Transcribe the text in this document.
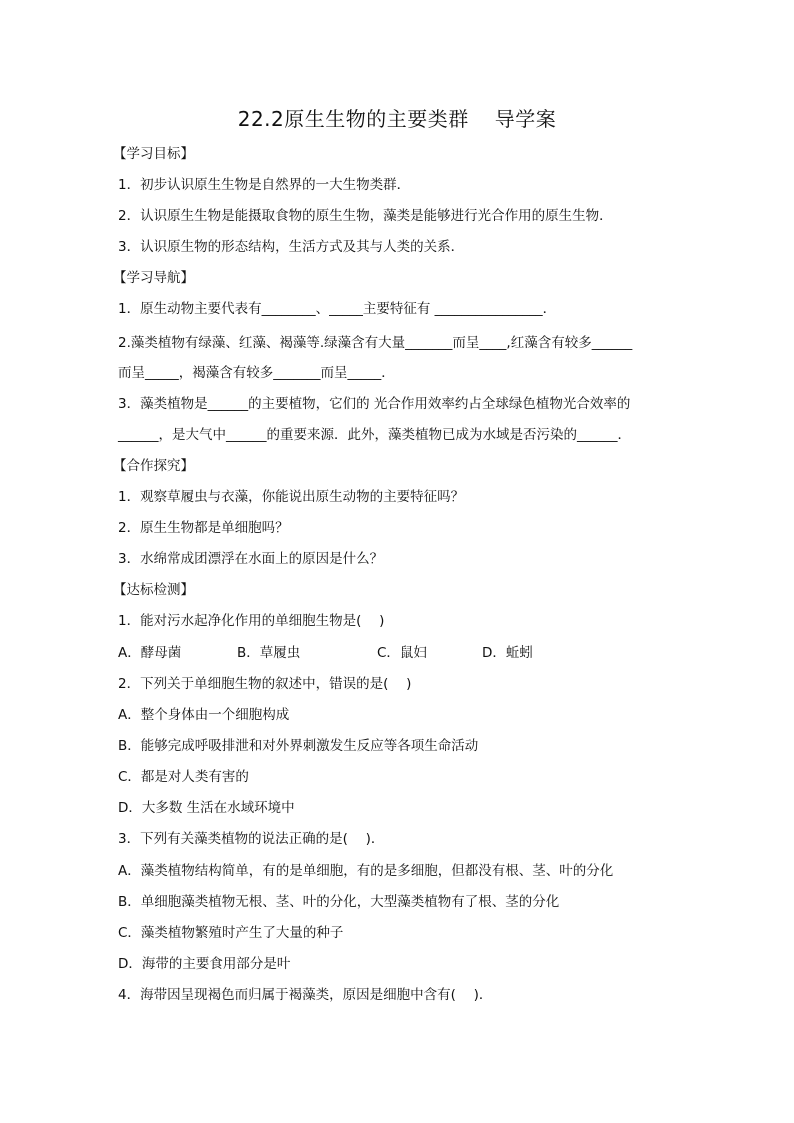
22.2原生生物的主要类群 导学案
【学习目标】
1．初步认识原生生物是自然界的一大生物类群．
2．认识原生生物是能摄取食物的原生生物，藻类是能够进行光合作用的原生生物．
3．认识原生物的形态结构，生活方式及其与人类的关系．
【学习导航】
1．原生动物主要代表有________、_____主要特征有 ________________．
2.藻类植物有绿藻、红藻、褐藻等.绿藻含有大量_______而呈____,红藻含有较多______
而呈_____，褐藻含有较多_______而呈_____．
3．藻类植物是______的主要植物，它们的 光合作用效率约占全球绿色植物光合效率的
______，是大气中______的重要来源．此外，藻类植物已成为水域是否污染的______．
【合作探究】
1．观察草履虫与衣藻，你能说出原生动物的主要特征吗？
2．原生生物都是单细胞吗？
3．水绵常成团漂浮在水面上的原因是什么？
【达标检测】
1．能对污水起净化作用的单细胞生物是(　 )
A．酵母菌	B．草履虫	C．鼠妇	D．蚯蚓
2．下列关于单细胞生物的叙述中，错误的是(　 )
A．整个身体由一个细胞构成
B．能够完成呼吸排泄和对外界刺激发生反应等各项生命活动
C．都是对人类有害的
D．大多数 生活在水域环境中
3．下列有关藻类植物的说法正确的是(　 )．
A．藻类植物结构简单，有的是单细胞，有的是多细胞，但都没有根、茎、叶的分化
B．单细胞藻类植物无根、茎、叶的分化，大型藻类植物有了根、茎的分化
C．藻类植物繁殖时产生了大量的种子
D．海带的主要食用部分是叶
4．海带因呈现褐色而归属于褐藻类，原因是细胞中含有(　 )．
